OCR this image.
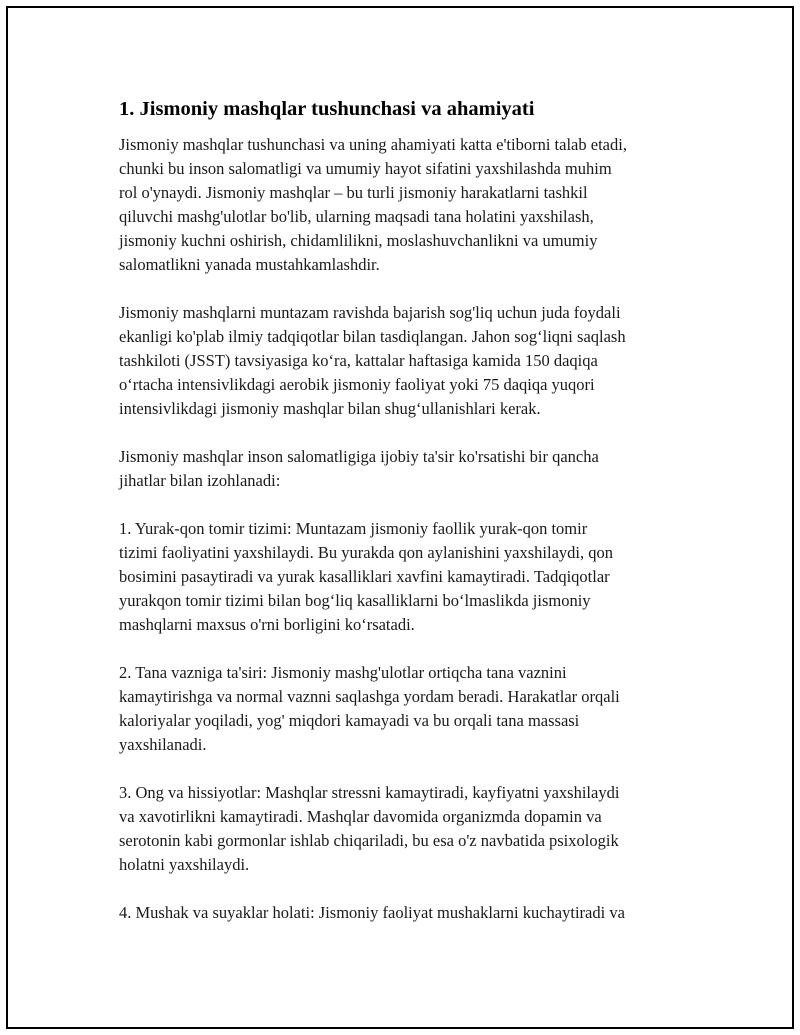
1. Jismoniy mashqlar tushunchasi va ahamiyati

Jismoniy mashqlar tushunchasi va uning ahamiyati katta e'tiborni talab etadi,
chunki bu inson salomatligi va umumiy hayot sifatini yaxshilashda muhim
rol o'ynaydi. Jismoniy mashqlar – bu turli jismoniy harakatlarni tashkil
qiluvchi mashg'ulotlar bo'lib, ularning maqsadi tana holatini yaxshilash,
jismoniy kuchni oshirish, chidamlilikni, moslashuvchanlikni va umumiy
salomatlikni yanada mustahkamlashdir.

Jismoniy mashqlarni muntazam ravishda bajarish sog'liq uchun juda foydali
ekanligi ko'plab ilmiy tadqiqotlar bilan tasdiqlangan. Jahon sog‘liqni saqlash
tashkiloti (JSST) tavsiyasiga ko‘ra, kattalar haftasiga kamida 150 daqiqa
o‘rtacha intensivlikdagi aerobik jismoniy faoliyat yoki 75 daqiqa yuqori
intensivlikdagi jismoniy mashqlar bilan shug‘ullanishlari kerak.

Jismoniy mashqlar inson salomatligiga ijobiy ta'sir ko'rsatishi bir qancha
jihatlar bilan izohlanadi:

1. Yurak-qon tomir tizimi: Muntazam jismoniy faollik yurak-qon tomir
tizimi faoliyatini yaxshilaydi. Bu yurakda qon aylanishini yaxshilaydi, qon
bosimini pasaytiradi va yurak kasalliklari xavfini kamaytiradi. Tadqiqotlar
yurakqon tomir tizimi bilan bog‘liq kasalliklarni bo‘lmaslikda jismoniy
mashqlarni maxsus o'rni borligini ko‘rsatadi.

2. Tana vazniga ta'siri: Jismoniy mashg'ulotlar ortiqcha tana vaznini
kamaytirishga va normal vaznni saqlashga yordam beradi. Harakatlar orqali
kaloriyalar yoqiladi, yog' miqdori kamayadi va bu orqali tana massasi
yaxshilanadi.

3. Ong va hissiyotlar: Mashqlar stressni kamaytiradi, kayfiyatni yaxshilaydi
va xavotirlikni kamaytiradi. Mashqlar davomida organizmda dopamin va
serotonin kabi gormonlar ishlab chiqariladi, bu esa o'z navbatida psixologik
holatni yaxshilaydi.

4. Mushak va suyaklar holati: Jismoniy faoliyat mushaklarni kuchaytiradi va
